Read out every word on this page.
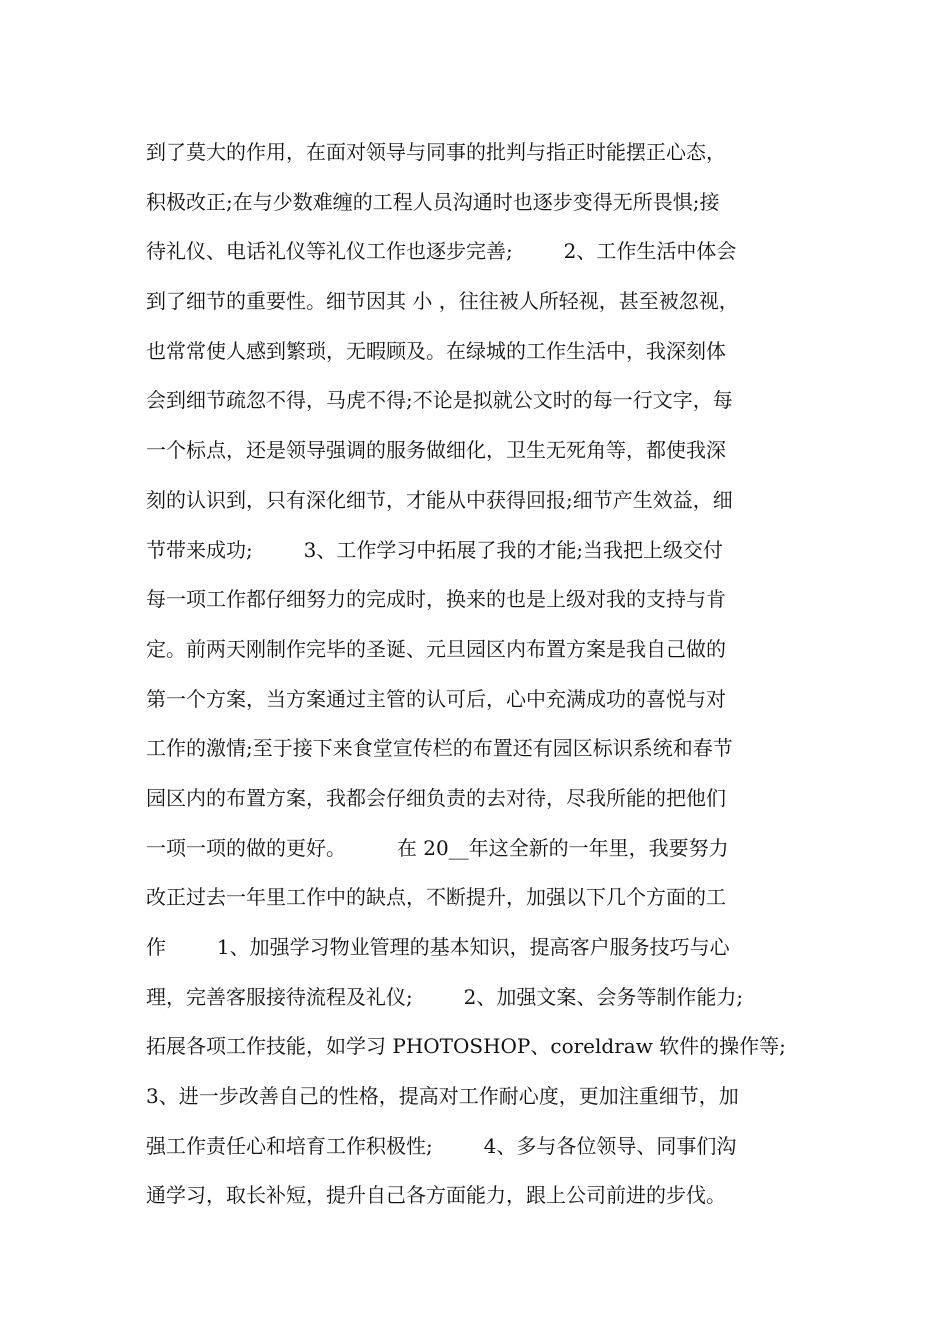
到了莫大的作用，在面对领导与同事的批判与指正时能摆正心态，
积极改正;在与少数难缠的工程人员沟通时也逐步变得无所畏惧;接
待礼仪、电话礼仪等礼仪工作也逐步完善;        2、工作生活中体会
到了细节的重要性。细节因其 小 ，往往被人所轻视，甚至被忽视，
也常常使人感到繁琐，无暇顾及。在绿城的工作生活中，我深刻体
会到细节疏忽不得，马虎不得;不论是拟就公文时的每一行文字，每
一个标点，还是领导强调的服务做细化，卫生无死角等，都使我深
刻的认识到，只有深化细节，才能从中获得回报;细节产生效益，细
节带来成功;        3、工作学习中拓展了我的才能;当我把上级交付
每一项工作都仔细努力的完成时，换来的也是上级对我的支持与肯
定。前两天刚制作完毕的圣诞、元旦园区内布置方案是我自己做的
第一个方案，当方案通过主管的认可后，心中充满成功的喜悦与对
工作的激情;至于接下来食堂宣传栏的布置还有园区标识系统和春节
园区内的布置方案，我都会仔细负责的去对待，尽我所能的把他们
一项一项的做的更好。        在 20__年这全新的一年里，我要努力
改正过去一年里工作中的缺点，不断提升，加强以下几个方面的工
作        1、加强学习物业管理的基本知识，提高客户服务技巧与心
理，完善客服接待流程及礼仪;        2、加强文案、会务等制作能力;
拓展各项工作技能，如学习 PHOTOSHOP、coreldraw 软件的操作等;
3、进一步改善自己的性格，提高对工作耐心度，更加注重细节，加
强工作责任心和培育工作积极性;        4、多与各位领导、同事们沟
通学习，取长补短，提升自己各方面能力，跟上公司前进的步伐。
